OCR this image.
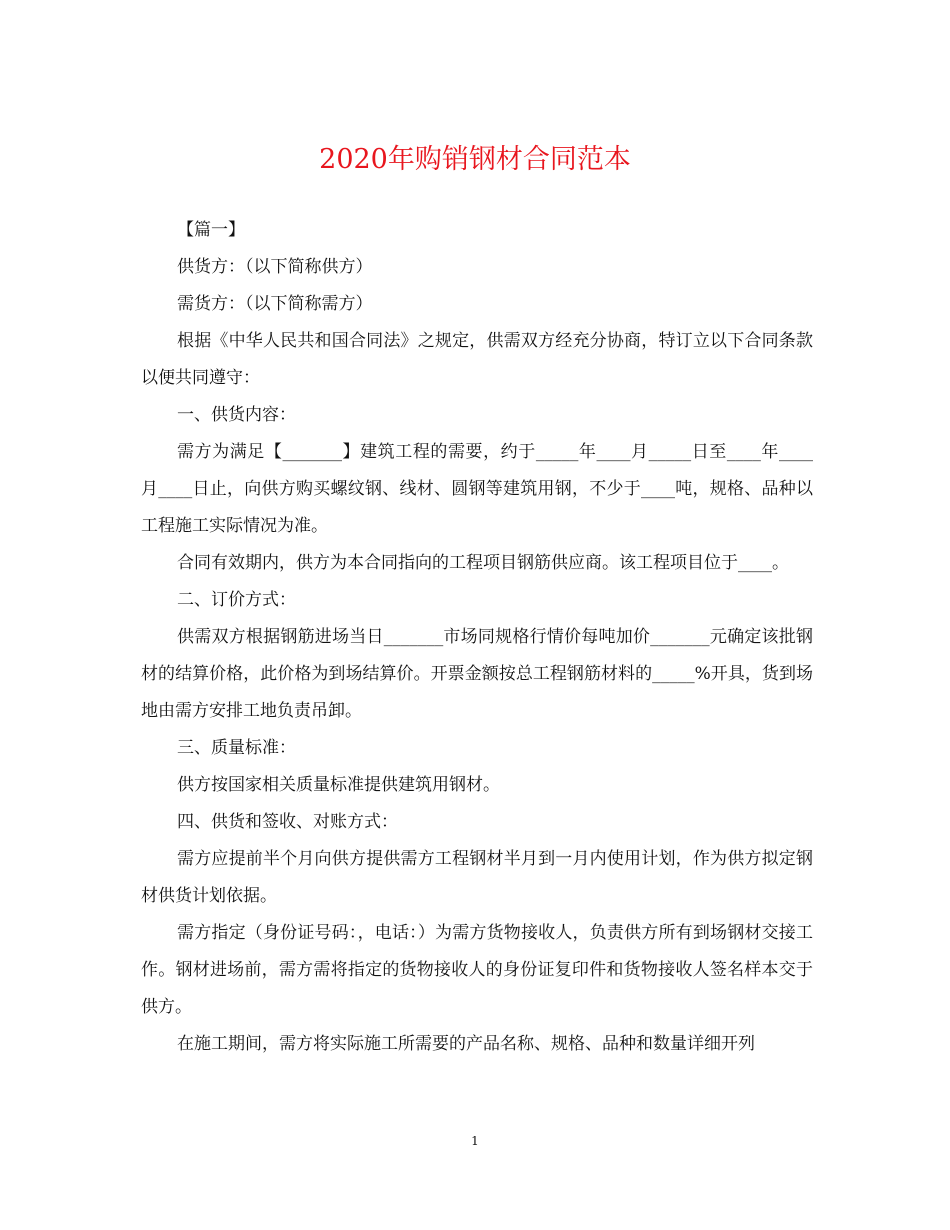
2020年购销钢材合同范本

【篇一】

供货方：（以下简称供方）

需货方：（以下简称需方）

根据《中华人民共和国合同法》之规定，供需双方经充分协商，特订立以下合同条款以便共同遵守：

一、供货内容：

需方为满足【_______】建筑工程的需要，约于_____年____月_____日至____年____月____日止，向供方购买螺纹钢、线材、圆钢等建筑用钢，不少于____吨，规格、品种以工程施工实际情况为准。

合同有效期内，供方为本合同指向的工程项目钢筋供应商。该工程项目位于____。

二、订价方式：

供需双方根据钢筋进场当日_______市场同规格行情价每吨加价_______元确定该批钢材的结算价格，此价格为到场结算价。开票金额按总工程钢筋材料的_____%开具，货到场地由需方安排工地负责吊卸。

三、质量标准：

供方按国家相关质量标准提供建筑用钢材。

四、供货和签收、对账方式：

需方应提前半个月向供方提供需方工程钢材半月到一月内使用计划，作为供方拟定钢材供货计划依据。

需方指定（身份证号码：，电话：）为需方货物接收人，负责供方所有到场钢材交接工作。钢材进场前，需方需将指定的货物接收人的身份证复印件和货物接收人签名样本交于供方。

在施工期间，需方将实际施工所需要的产品名称、规格、品种和数量详细开列

1
